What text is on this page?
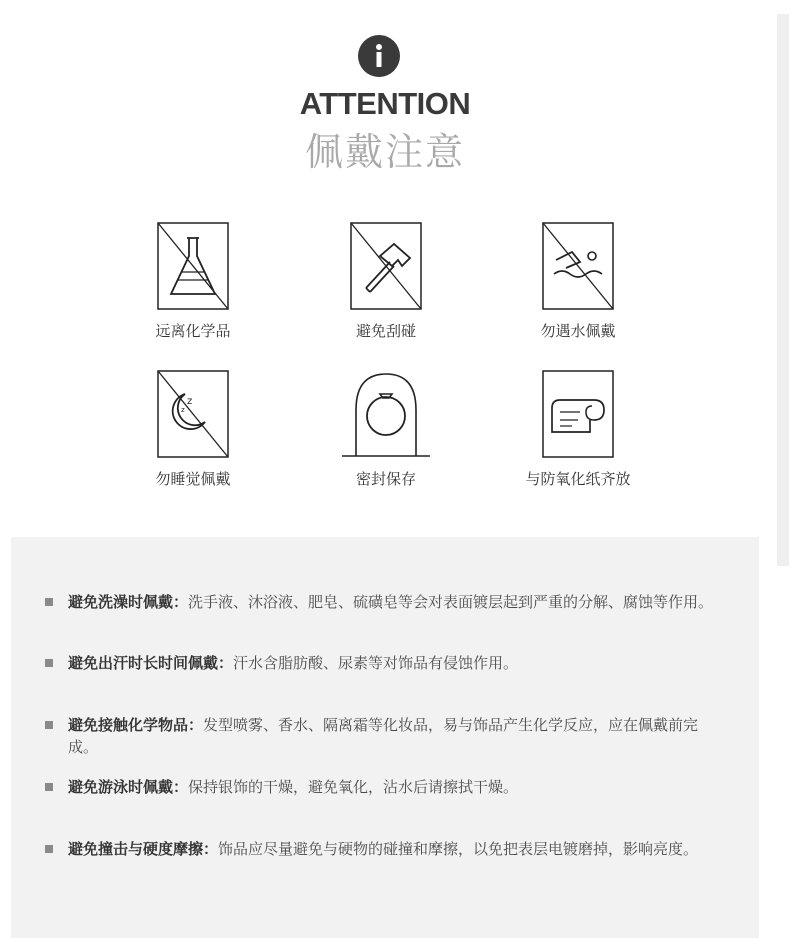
ATTENTION
佩戴注意
远离化学品	避免刮碰	勿遇水佩戴
z
z
勿睡觉佩戴	密封保存	与防氧化纸齐放
避免洗澡时佩戴：洗手液、沐浴液、肥皂、硫磺皂等会对表面镀层起到严重的分解、腐蚀等作用。
避免出汗时长时间佩戴：汗水含脂肪酸、尿素等对饰品有侵蚀作用。
避免接触化学物品：发型喷雾、香水、隔离霜等化妆品，易与饰品产生化学反应，应在佩戴前完成。
避免游泳时佩戴：保持银饰的干燥，避免氧化，沾水后请擦拭干燥。
避免撞击与硬度摩擦：饰品应尽量避免与硬物的碰撞和摩擦，以免把表层电镀磨掉，影响亮度。
